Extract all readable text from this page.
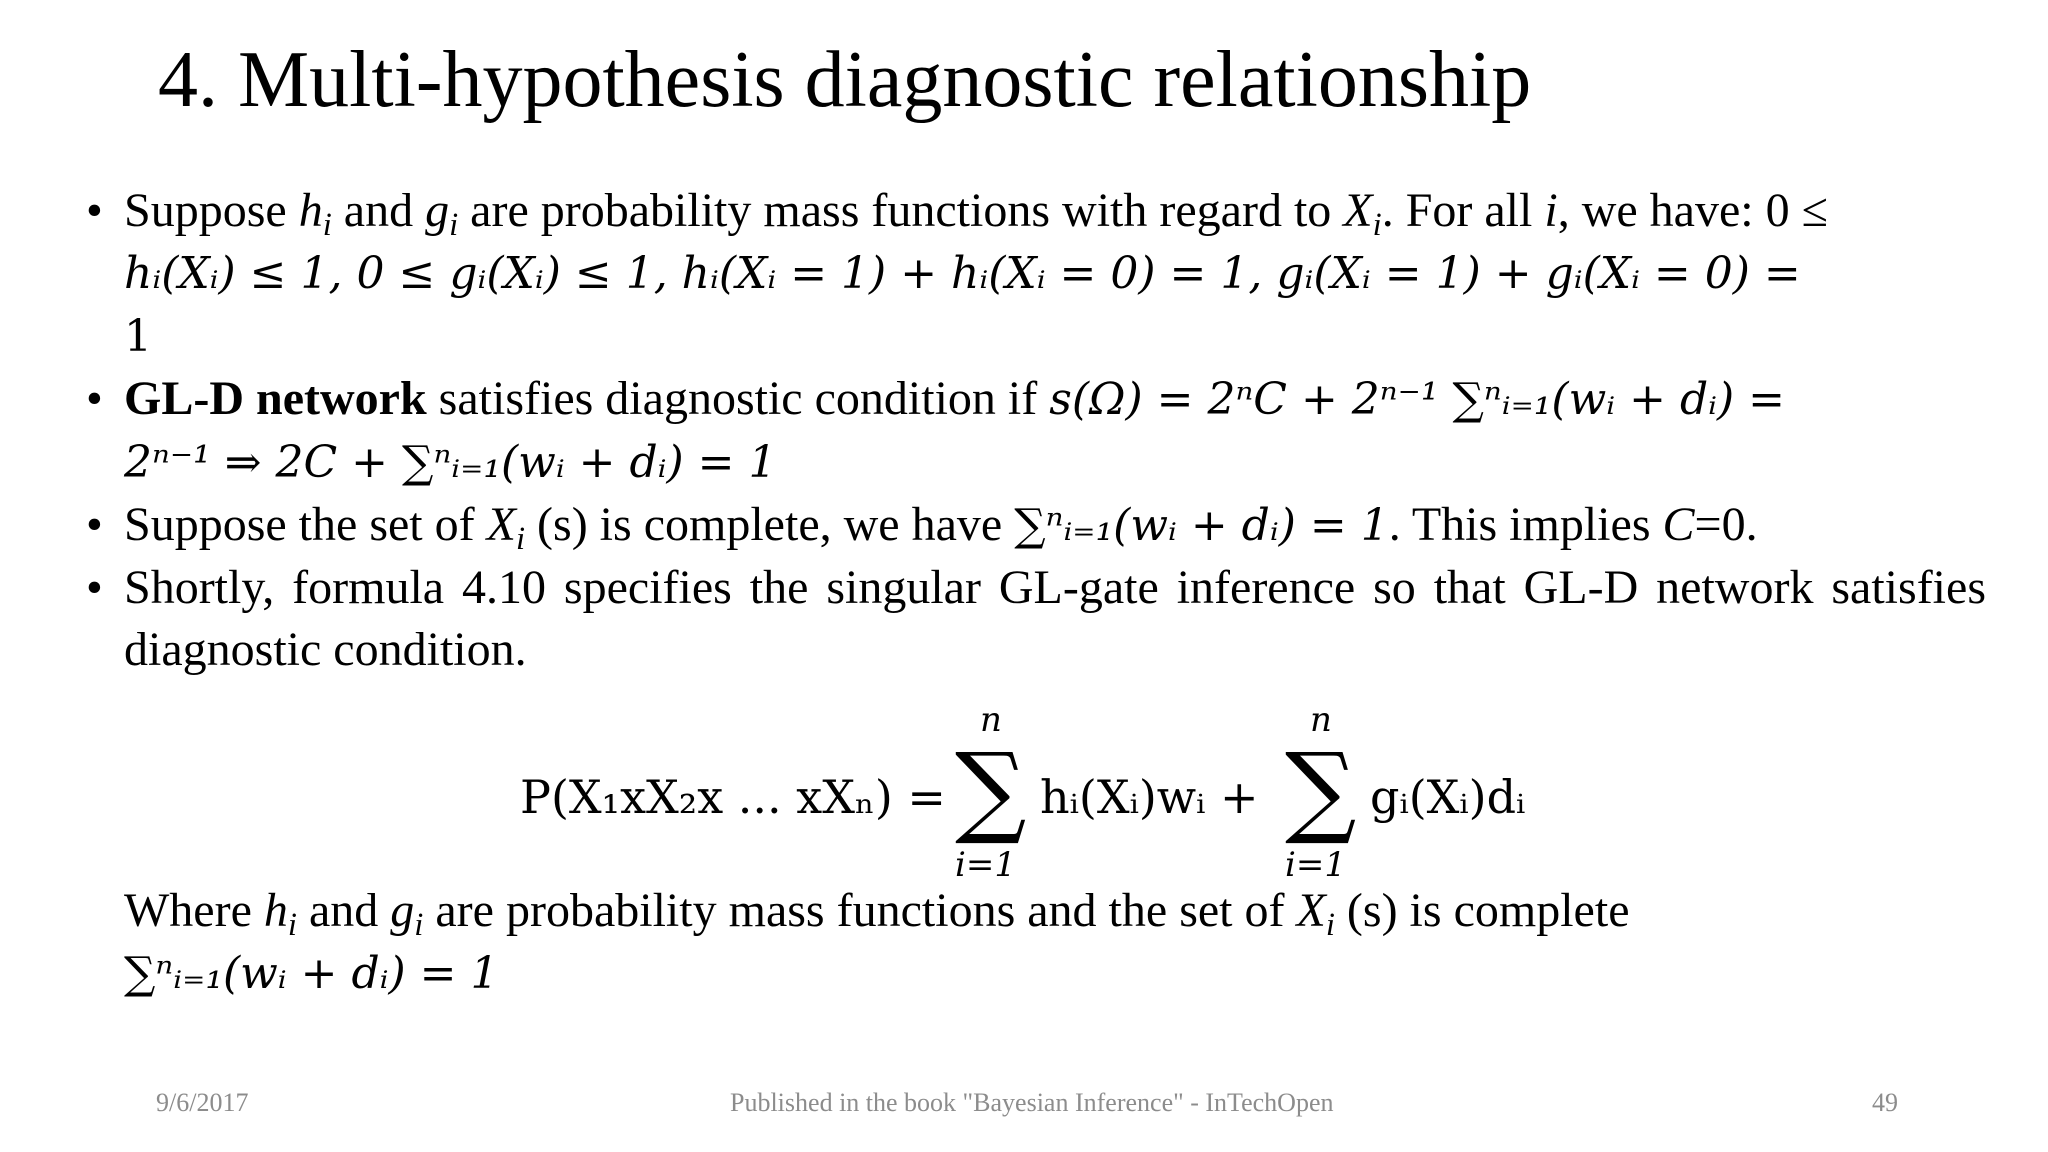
4. Multi-hypothesis diagnostic relationship
• Suppose $h_i$ and $g_i$ are probability mass functions with regard to $X_i$. For all i, we have: 0 ≤
hᵢ(Xᵢ) ≤ 1, 0 ≤ gᵢ(Xᵢ) ≤ 1, hᵢ(Xᵢ = 1) + hᵢ(Xᵢ = 0) = 1, gᵢ(Xᵢ = 1) + gᵢ(Xᵢ = 0) =
1
• GL-D network satisfies diagnostic condition if s(Ω) = 2ⁿC + 2ⁿ⁻¹ ∑ⁿᵢ₌₁(wᵢ + dᵢ) =
2ⁿ⁻¹ ⇒ 2C + ∑ⁿᵢ₌₁(wᵢ + dᵢ) = 1
• Suppose the set of $X_i$ (s) is complete, we have ∑ⁿᵢ₌₁(wᵢ + dᵢ) = 1. This implies C=0.
• Shortly, formula 4.10 specifies the singular GL-gate inference so that GL-D network satisfies diagnostic condition.
P(X₁xX₂x ... xXₙ) =
n
∑
i=1
hᵢ(Xᵢ)wᵢ +
n
∑
i=1
gᵢ(Xᵢ)dᵢ
Where $h_i$ and $g_i$ are probability mass functions and the set of $X_i$ (s) is complete
∑ⁿᵢ₌₁(wᵢ + dᵢ) = 1
9/6/2017	Published in the book "Bayesian Inference" - InTechOpen	49
